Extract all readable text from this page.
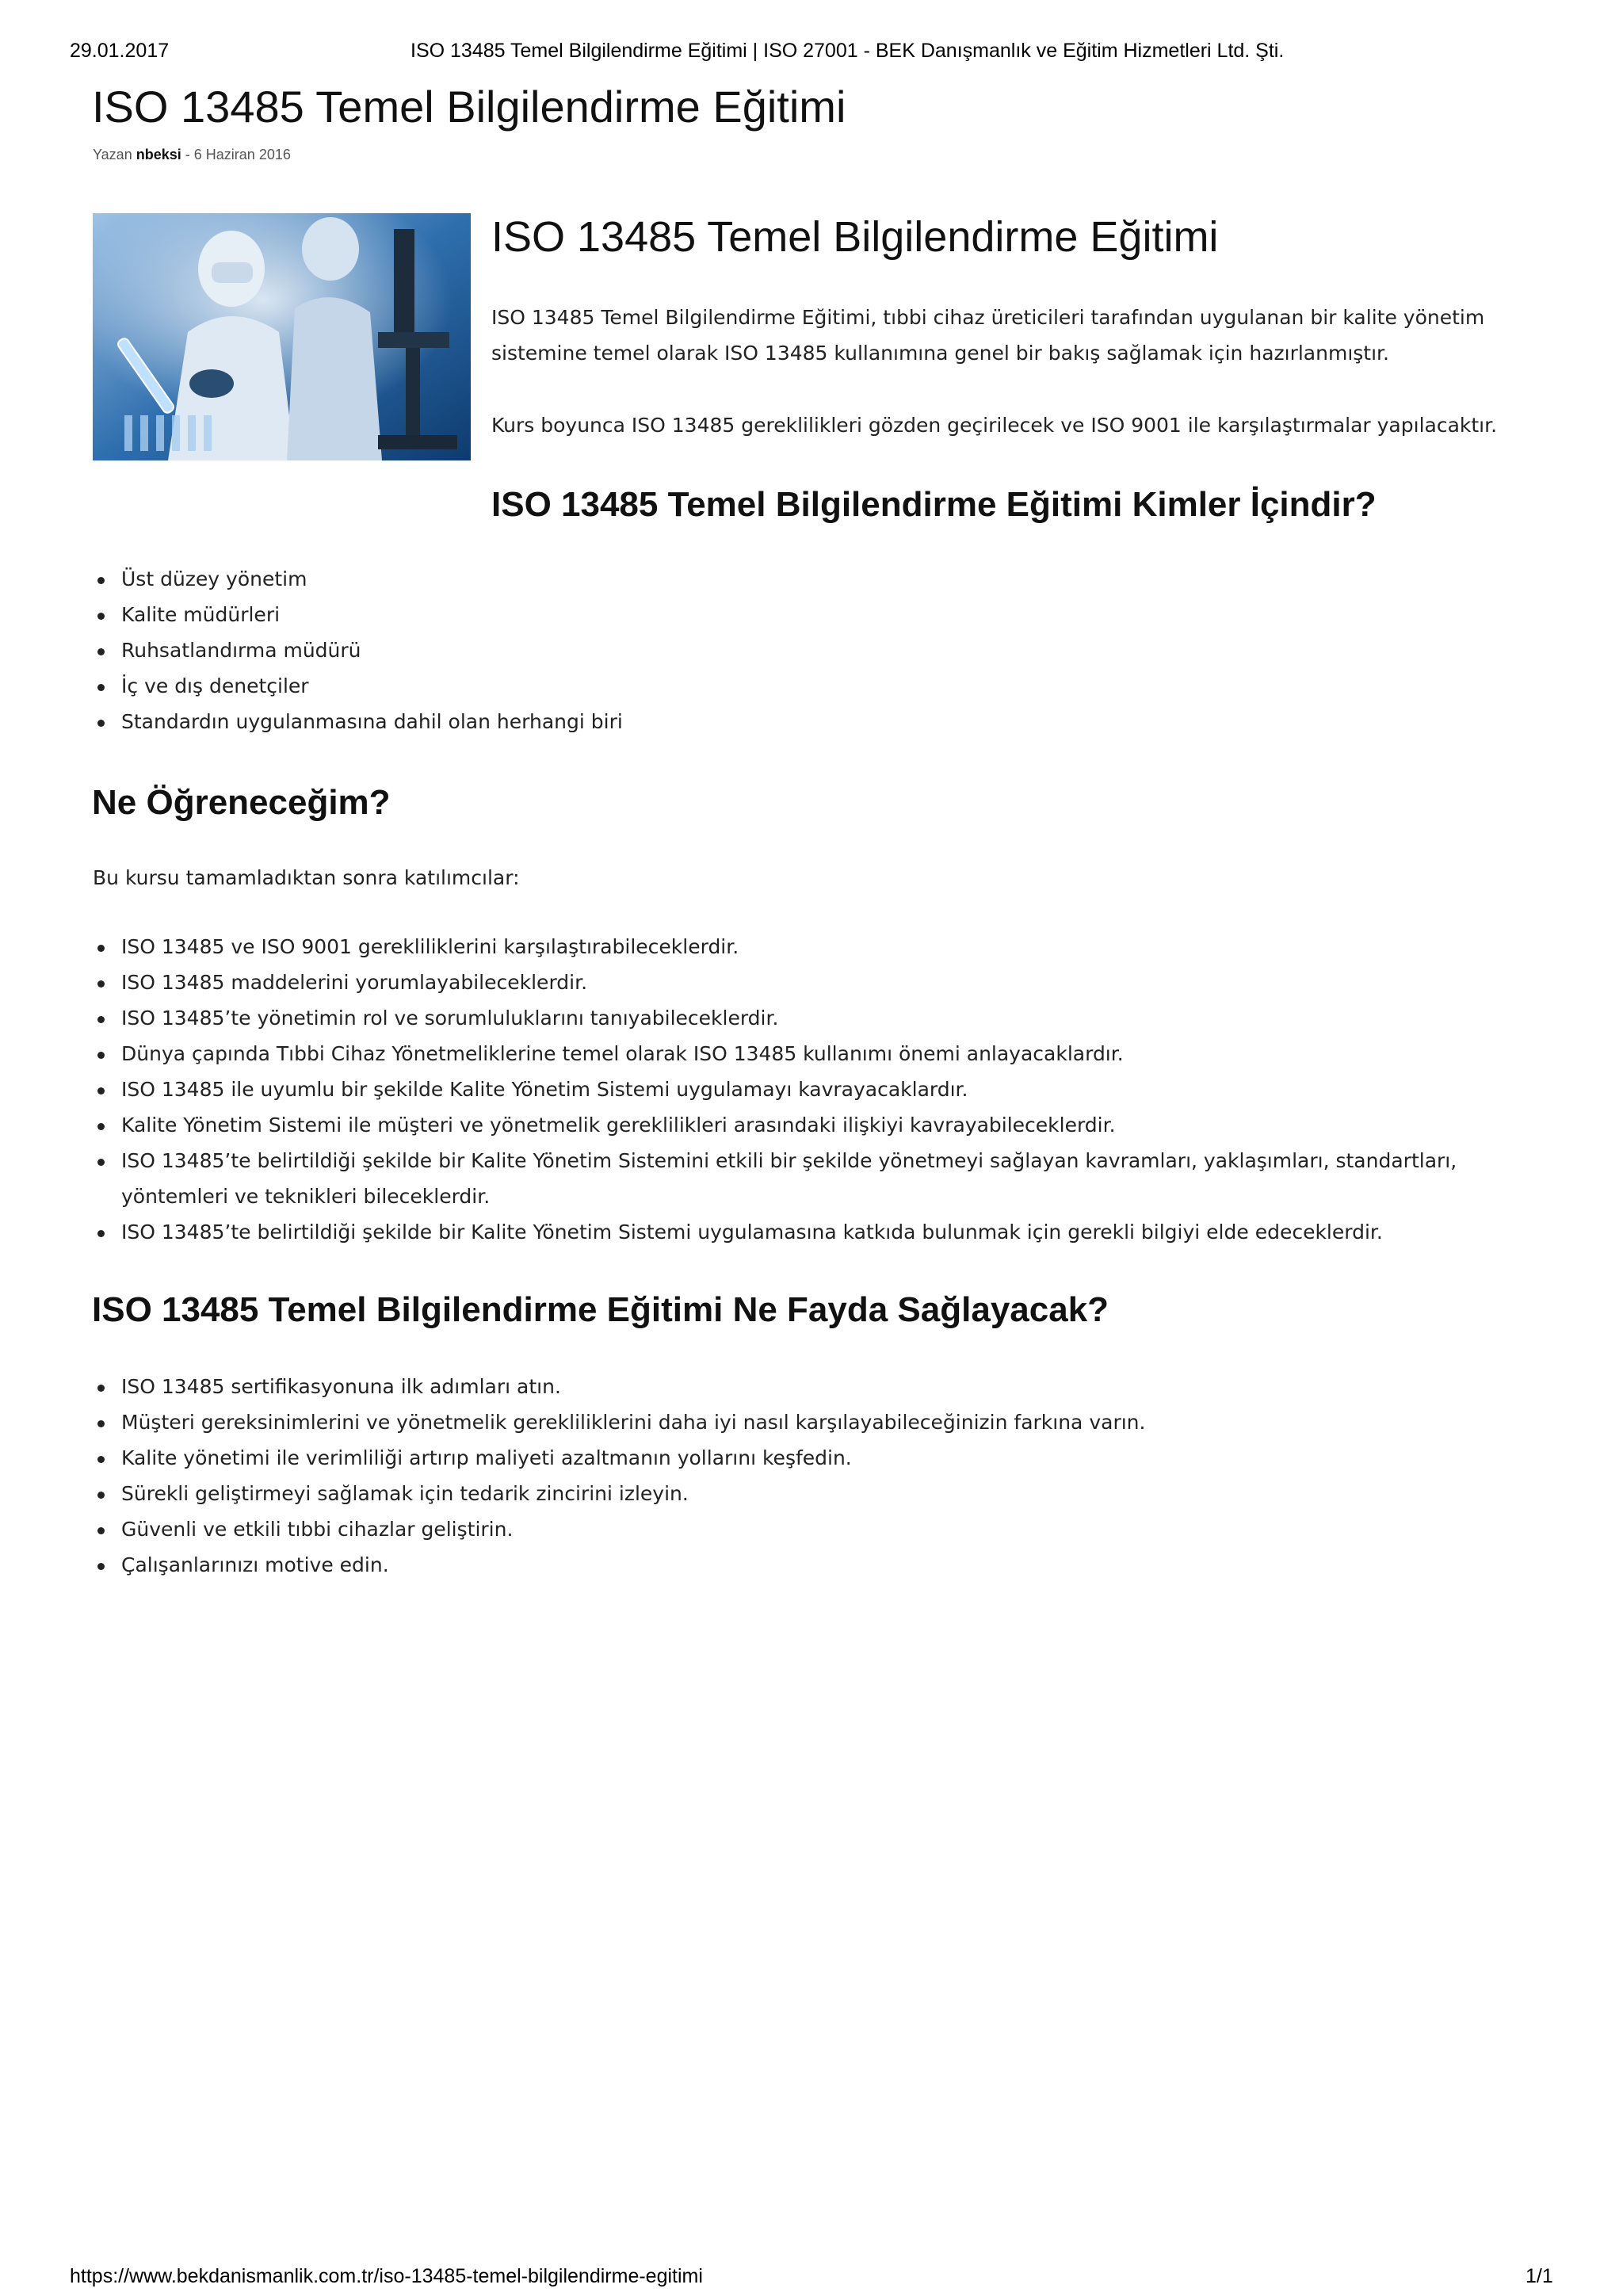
29.01.2017	ISO 13485 Temel Bilgilendirme Eğitimi | ISO 27001 - BEK Danışmanlık ve Eğitim Hizmetleri Ltd. Şti.
ISO 13485 Temel Bilgilendirme Eğitimi
Yazan nbeksi - 6 Haziran 2016
ISO 13485 Temel Bilgilendirme Eğitimi

ISO 13485 Temel Bilgilendirme Eğitimi, tıbbi cihaz üreticileri tarafından uygulanan bir kalite yönetim sistemine temel olarak ISO 13485 kullanımına genel bir bakış sağlamak için hazırlanmıştır.

Kurs boyunca ISO 13485 gereklilikleri gözden geçirilecek ve ISO 9001 ile karşılaştırmalar yapılacaktır.

ISO 13485 Temel Bilgilendirme Eğitimi Kimler İçindir?
Üst düzey yönetim
Kalite müdürleri
Ruhsatlandırma müdürü
İç ve dış denetçiler
Standardın uygulanmasına dahil olan herhangi biri
Ne Öğreneceğim?

Bu kursu tamamladıktan sonra katılımcılar:

ISO 13485 ve ISO 9001 gerekliliklerini karşılaştırabileceklerdir.
ISO 13485 maddelerini yorumlayabileceklerdir.
ISO 13485’te yönetimin rol ve sorumluluklarını tanıyabileceklerdir.
Dünya çapında Tıbbi Cihaz Yönetmeliklerine temel olarak ISO 13485 kullanımı önemi anlayacaklardır.
ISO 13485 ile uyumlu bir şekilde Kalite Yönetim Sistemi uygulamayı kavrayacaklardır.
Kalite Yönetim Sistemi ile müşteri ve yönetmelik gereklilikleri arasındaki ilişkiyi kavrayabileceklerdir.
ISO 13485’te belirtildiği şekilde bir Kalite Yönetim Sistemini etkili bir şekilde yönetmeyi sağlayan kavramları, yaklaşımları, standartları, yöntemleri ve teknikleri bileceklerdir.
ISO 13485’te belirtildiği şekilde bir Kalite Yönetim Sistemi uygulamasına katkıda bulunmak için gerekli bilgiyi elde edeceklerdir.
ISO 13485 Temel Bilgilendirme Eğitimi Ne Fayda Sağlayacak?
ISO 13485 sertifikasyonuna ilk adımları atın.
Müşteri gereksinimlerini ve yönetmelik gerekliliklerini daha iyi nasıl karşılayabileceğinizin farkına varın.
Kalite yönetimi ile verimliliği artırıp maliyeti azaltmanın yollarını keşfedin.
Sürekli geliştirmeyi sağlamak için tedarik zincirini izleyin.
Güvenli ve etkili tıbbi cihazlar geliştirin.
Çalışanlarınızı motive edin.
https://www.bekdanismanlik.com.tr/iso-13485-temel-bilgilendirme-egitimi	1/1
